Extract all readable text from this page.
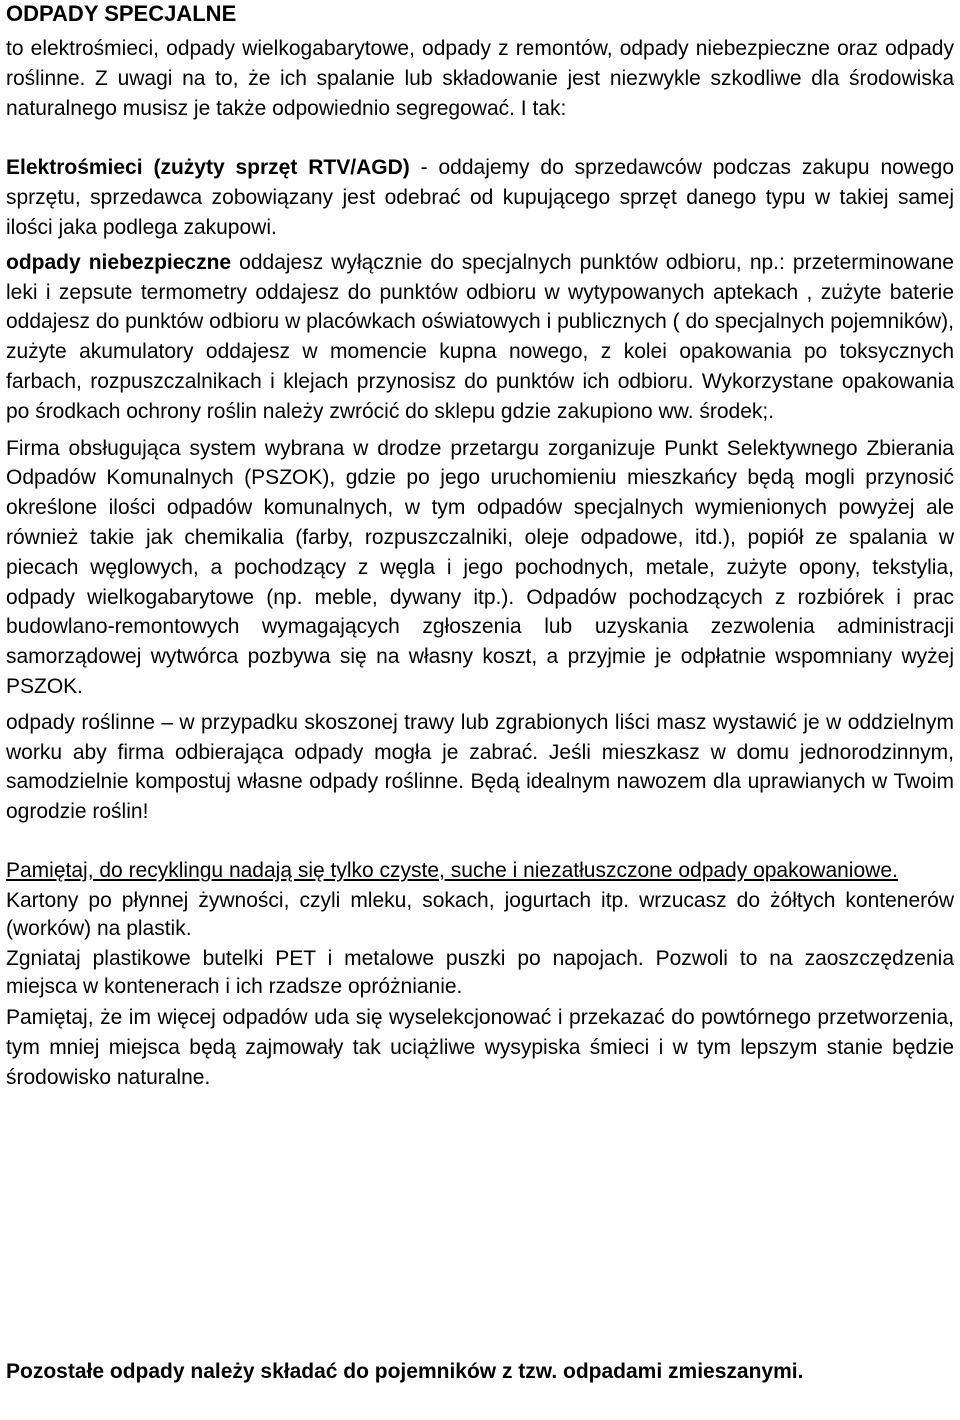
ODPADY SPECJALNE

to elektrośmieci, odpady wielkogabarytowe, odpady z remontów, odpady niebezpieczne oraz odpady roślinne. Z uwagi na to, że ich spalanie lub składowanie jest niezwykle szkodliwe dla środowiska naturalnego musisz je także odpowiednio segregować. I tak:

Elektrośmieci (zużyty sprzęt RTV/AGD) - oddajemy do sprzedawców podczas zakupu nowego sprzętu, sprzedawca zobowiązany jest odebrać od kupującego sprzęt danego typu w takiej samej ilości jaka podlega zakupowi.

odpady niebezpieczne oddajesz wyłącznie do specjalnych punktów odbioru, np.: przeterminowane leki i zepsute termometry oddajesz do punktów odbioru w wytypowanych aptekach , zużyte baterie oddajesz do punktów odbioru w placówkach oświatowych i publicznych ( do specjalnych pojemników), zużyte akumulatory oddajesz w momencie kupna nowego, z kolei opakowania po toksycznych farbach, rozpuszczalnikach i klejach przynosisz do punktów ich odbioru. Wykorzystane opakowania po środkach ochrony roślin należy zwrócić do sklepu gdzie zakupiono ww. środek;.

Firma obsługująca system wybrana w drodze przetargu zorganizuje Punkt Selektywnego Zbierania Odpadów Komunalnych (PSZOK), gdzie po jego uruchomieniu mieszkańcy będą mogli przynosić określone ilości odpadów komunalnych, w tym odpadów specjalnych wymienionych powyżej ale również takie jak chemikalia (farby, rozpuszczalniki, oleje odpadowe, itd.), popiół ze spalania w piecach węglowych, a pochodzący z węgla i jego pochodnych, metale, zużyte opony, tekstylia, odpady wielkogabarytowe (np. meble, dywany itp.). Odpadów pochodzących z rozbiórek i prac budowlano-remontowych wymagających zgłoszenia lub uzyskania zezwolenia administracji samorządowej wytwórca pozbywa się na własny koszt, a przyjmie je odpłatnie wspomniany wyżej PSZOK.

odpady roślinne – w przypadku skoszonej trawy lub zgrabionych liści masz wystawić je w oddzielnym worku aby firma odbierająca odpady mogła je zabrać. Jeśli mieszkasz w domu jednorodzinnym, samodzielnie kompostuj własne odpady roślinne. Będą idealnym nawozem dla uprawianych w Twoim ogrodzie roślin!

Pamiętaj, do recyklingu nadają się tylko czyste, suche i niezatłuszczone odpady opakowaniowe.

Kartony po płynnej żywności, czyli mleku, sokach, jogurtach itp. wrzucasz do żółtych kontenerów (worków) na plastik.

Zgniataj plastikowe butelki PET i metalowe puszki po napojach. Pozwoli to na zaoszczędzenia miejsca w kontenerach i ich rzadsze opróżnianie.

Pamiętaj, że im więcej odpadów uda się wyselekcjonować i przekazać do powtórnego przetworzenia, tym mniej miejsca będą zajmowały tak uciążliwe wysypiska śmieci i w tym lepszym stanie będzie środowisko naturalne.

Pozostałe odpady należy składać do pojemników z tzw. odpadami zmieszanymi.
